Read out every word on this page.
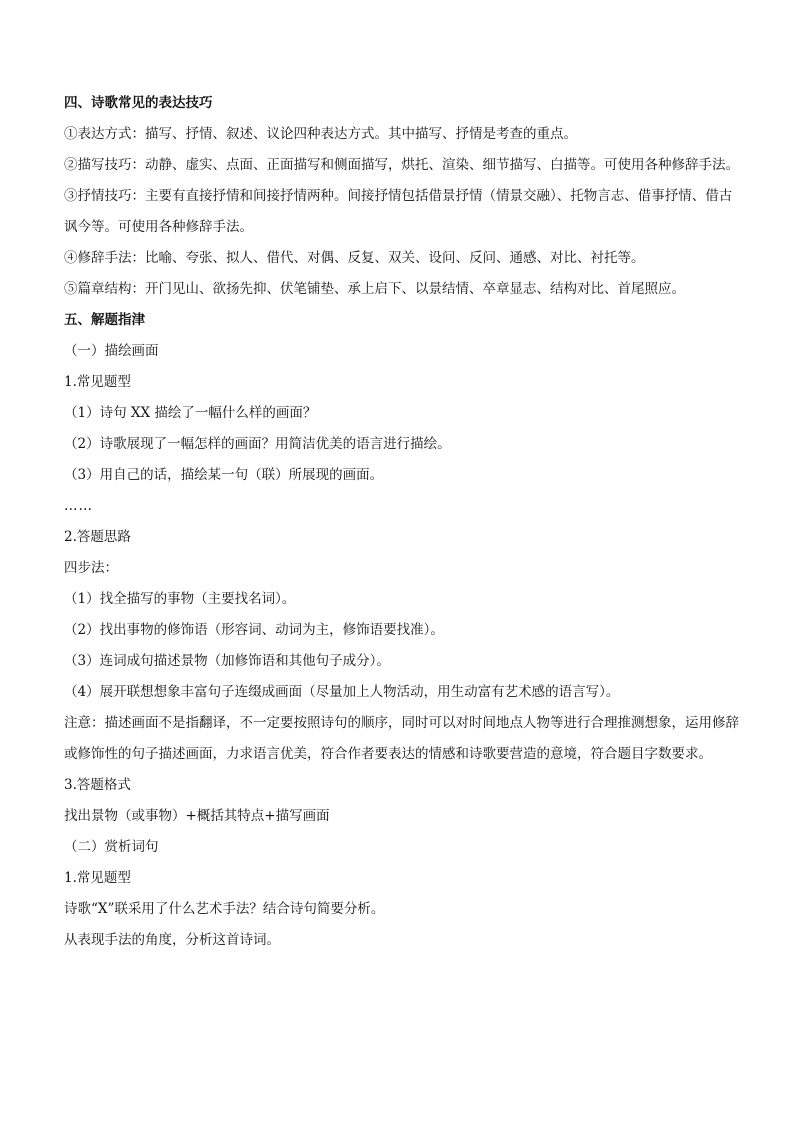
四、诗歌常见的表达技巧
①表达方式：描写、抒情、叙述、议论四种表达方式。其中描写、抒情是考查的重点。
②描写技巧：动静、虚实、点面、正面描写和侧面描写，烘托、渲染、细节描写、白描等。可使用各种修辞手法。
③抒情技巧：主要有直接抒情和间接抒情两种。间接抒情包括借景抒情（情景交融）、托物言志、借事抒情、借古讽今等。可使用各种修辞手法。
④修辞手法：比喻、夸张、拟人、借代、对偶、反复、双关、设问、反问、通感、对比、衬托等。
⑤篇章结构：开门见山、欲扬先抑、伏笔铺垫、承上启下、以景结情、卒章显志、结构对比、首尾照应。
五、解题指津
（一）描绘画面
1.常见题型
（1）诗句 XX 描绘了一幅什么样的画面？
（2）诗歌展现了一幅怎样的画面？用简洁优美的语言进行描绘。
（3）用自己的话，描绘某一句（联）所展现的画面。
……
2.答题思路
四步法：
（1）找全描写的事物（主要找名词）。
（2）找出事物的修饰语（形容词、动词为主，修饰语要找准）。
（3）连词成句描述景物（加修饰语和其他句子成分）。
（4）展开联想想象丰富句子连缀成画面（尽量加上人物活动，用生动富有艺术感的语言写）。
注意：描述画面不是指翻译，不一定要按照诗句的顺序，同时可以对时间地点人物等进行合理推测想象，运用修辞或修饰性的句子描述画面，力求语言优美，符合作者要表达的情感和诗歌要营造的意境，符合题目字数要求。
3.答题格式
找出景物（或事物）+概括其特点+描写画面
（二）赏析词句
1.常见题型
诗歌“X”联采用了什么艺术手法？结合诗句简要分析。
从表现手法的角度，分析这首诗词。
